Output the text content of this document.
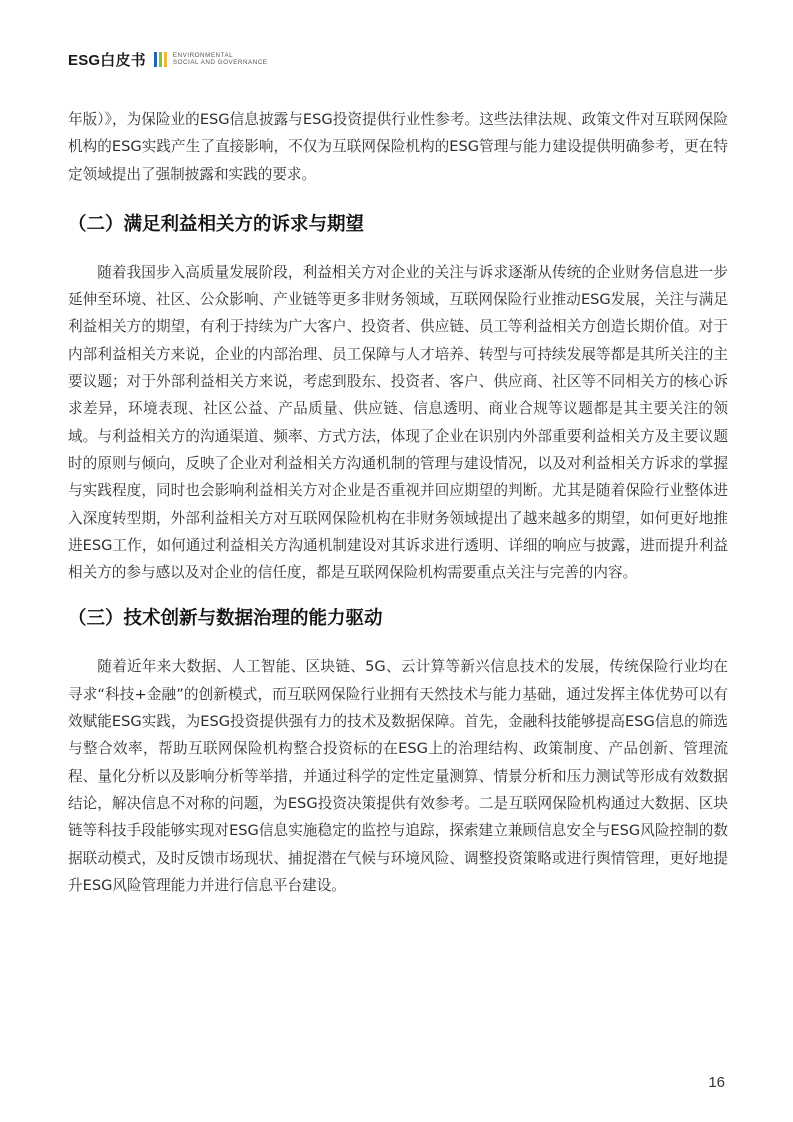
ESG白皮书	ENVIRONMENTAL
SOCIAL AND GOVERNANCE

年版）》，为保险业的ESG信息披露与ESG投资提供行业性参考。这些法律法规、政策文件对互联网保险机构的ESG实践产生了直接影响，不仅为互联网保险机构的ESG管理与能力建设提供明确参考，更在特定领域提出了强制披露和实践的要求。

（二）满足利益相关方的诉求与期望

随着我国步入高质量发展阶段，利益相关方对企业的关注与诉求逐渐从传统的企业财务信息进一步延伸至环境、社区、公众影响、产业链等更多非财务领域，互联网保险行业推动ESG发展，关注与满足利益相关方的期望，有利于持续为广大客户、投资者、供应链、员工等利益相关方创造长期价值。对于内部利益相关方来说，企业的内部治理、员工保障与人才培养、转型与可持续发展等都是其所关注的主要议题；对于外部利益相关方来说，考虑到股东、投资者、客户、供应商、社区等不同相关方的核心诉求差异，环境表现、社区公益、产品质量、供应链、信息透明、商业合规等议题都是其主要关注的领域。与利益相关方的沟通渠道、频率、方式方法，体现了企业在识别内外部重要利益相关方及主要议题时的原则与倾向，反映了企业对利益相关方沟通机制的管理与建设情况，以及对利益相关方诉求的掌握与实践程度，同时也会影响利益相关方对企业是否重视并回应期望的判断。尤其是随着保险行业整体进入深度转型期，外部利益相关方对互联网保险机构在非财务领域提出了越来越多的期望，如何更好地推进ESG工作，如何通过利益相关方沟通机制建设对其诉求进行透明、详细的响应与披露，进而提升利益相关方的参与感以及对企业的信任度，都是互联网保险机构需要重点关注与完善的内容。

（三）技术创新与数据治理的能力驱动

随着近年来大数据、人工智能、区块链、5G、云计算等新兴信息技术的发展，传统保险行业均在寻求“科技+金融”的创新模式，而互联网保险行业拥有天然技术与能力基础，通过发挥主体优势可以有效赋能ESG实践，为ESG投资提供强有力的技术及数据保障。首先，金融科技能够提高ESG信息的筛选与整合效率，帮助互联网保险机构整合投资标的在ESG上的治理结构、政策制度、产品创新、管理流程、量化分析以及影响分析等举措，并通过科学的定性定量测算、情景分析和压力测试等形成有效数据结论，解决信息不对称的问题，为ESG投资决策提供有效参考。二是互联网保险机构通过大数据、区块链等科技手段能够实现对ESG信息实施稳定的监控与追踪，探索建立兼顾信息安全与ESG风险控制的数据联动模式，及时反馈市场现状、捕捉潜在气候与环境风险、调整投资策略或进行舆情管理，更好地提升ESG风险管理能力并进行信息平台建设。

16
